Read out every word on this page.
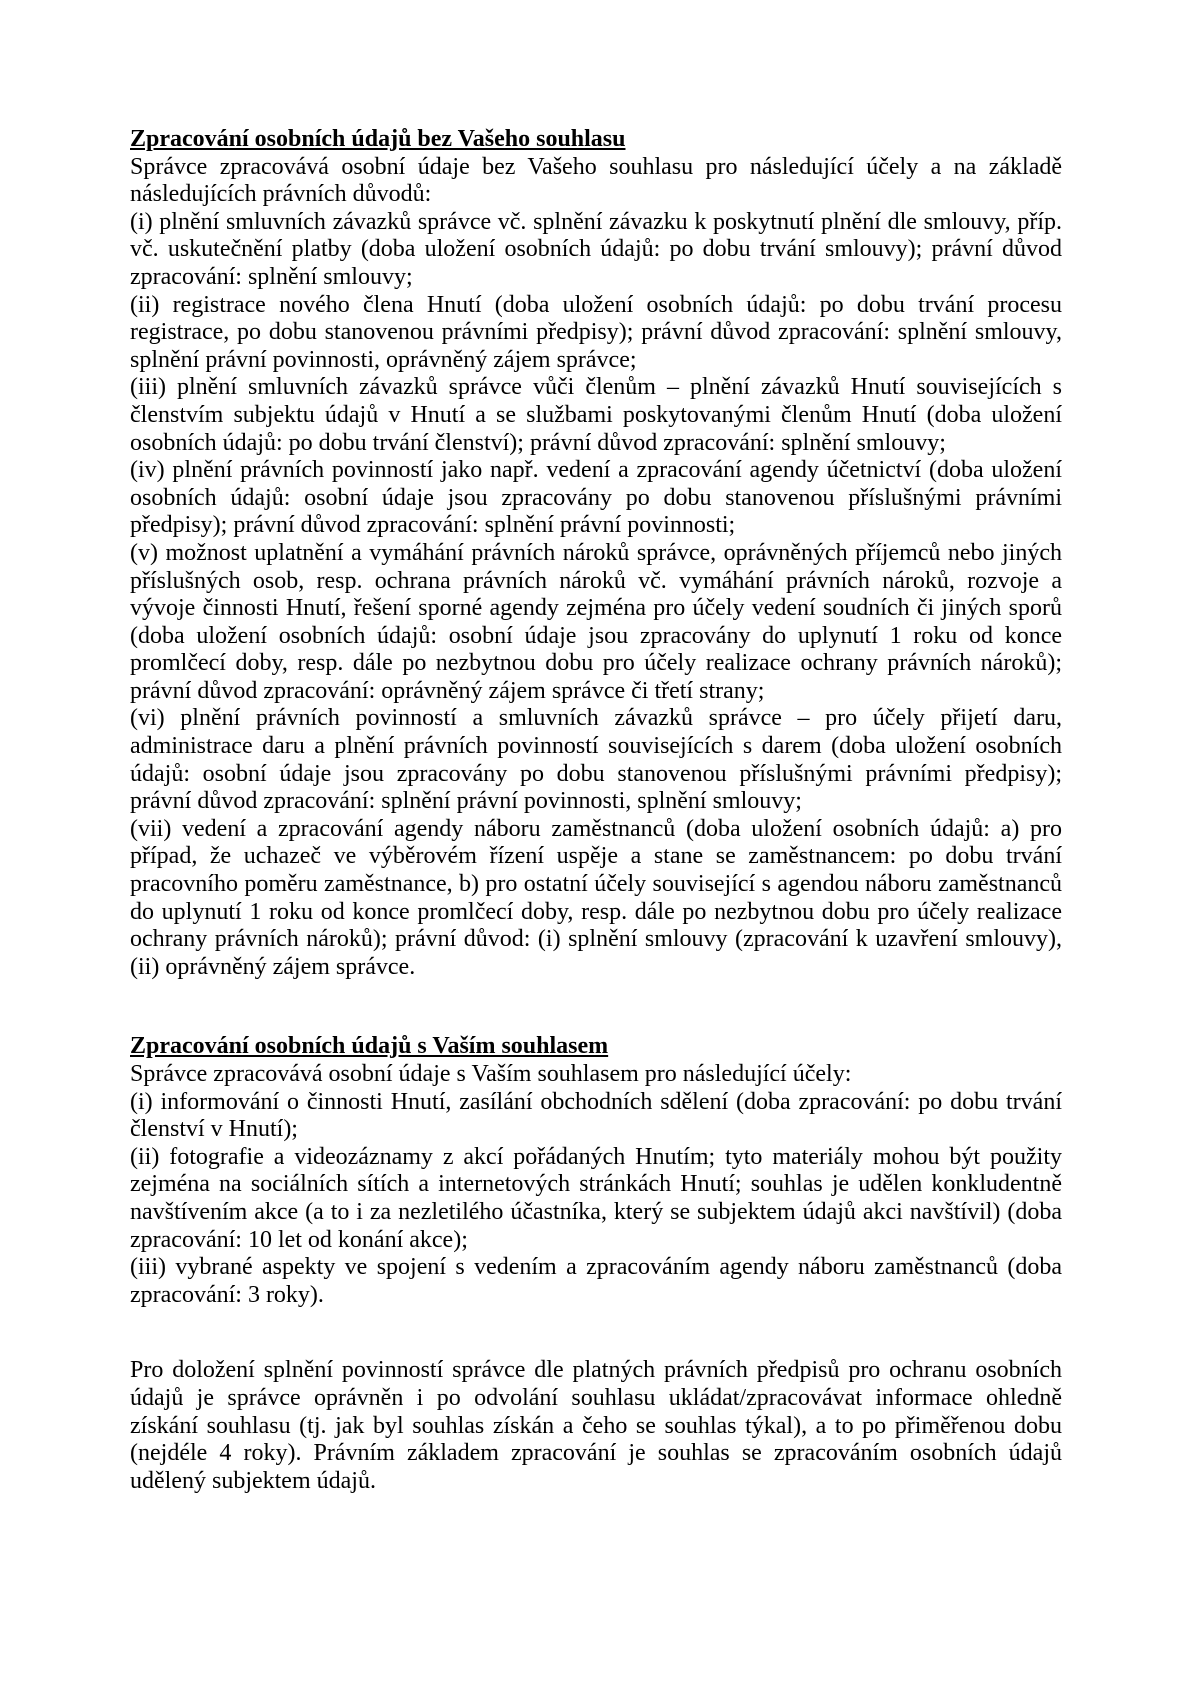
Zpracování osobních údajů bez Vašeho souhlasu

Správce zpracovává osobní údaje bez Vašeho souhlasu pro následující účely a na základě následujících právních důvodů:

(i) plnění smluvních závazků správce vč. splnění závazku k poskytnutí plnění dle smlouvy, příp. vč. uskutečnění platby (doba uložení osobních údajů: po dobu trvání smlouvy); právní důvod zpracování: splnění smlouvy;

(ii) registrace nového člena Hnutí (doba uložení osobních údajů: po dobu trvání procesu registrace, po dobu stanovenou právními předpisy); právní důvod zpracování: splnění smlouvy, splnění právní povinnosti, oprávněný zájem správce;

(iii) plnění smluvních závazků správce vůči členům – plnění závazků Hnutí souvisejících s členstvím subjektu údajů v Hnutí a se službami poskytovanými členům Hnutí (doba uložení osobních údajů: po dobu trvání členství); právní důvod zpracování: splnění smlouvy;

(iv) plnění právních povinností jako např. vedení a zpracování agendy účetnictví (doba uložení osobních údajů: osobní údaje jsou zpracovány po dobu stanovenou příslušnými právními předpisy); právní důvod zpracování: splnění právní povinnosti;

(v) možnost uplatnění a vymáhání právních nároků správce, oprávněných příjemců nebo jiných příslušných osob, resp. ochrana právních nároků vč. vymáhání právních nároků, rozvoje a vývoje činnosti Hnutí, řešení sporné agendy zejména pro účely vedení soudních či jiných sporů (doba uložení osobních údajů: osobní údaje jsou zpracovány do uplynutí 1 roku od konce promlčecí doby, resp. dále po nezbytnou dobu pro účely realizace ochrany právních nároků); právní důvod zpracování: oprávněný zájem správce či třetí strany;

(vi) plnění právních povinností a smluvních závazků správce – pro účely přijetí daru, administrace daru a plnění právních povinností souvisejících s darem (doba uložení osobních údajů: osobní údaje jsou zpracovány po dobu stanovenou příslušnými právními předpisy); právní důvod zpracování: splnění právní povinnosti, splnění smlouvy;

(vii) vedení a zpracování agendy náboru zaměstnanců (doba uložení osobních údajů: a) pro případ, že uchazeč ve výběrovém řízení uspěje a stane se zaměstnancem: po dobu trvání pracovního poměru zaměstnance, b) pro ostatní účely související s agendou náboru zaměstnanců do uplynutí 1 roku od konce promlčecí doby, resp. dále po nezbytnou dobu pro účely realizace ochrany právních nároků); právní důvod: (i) splnění smlouvy (zpracování k uzavření smlouvy), (ii) oprávněný zájem správce.

Zpracování osobních údajů s Vaším souhlasem

Správce zpracovává osobní údaje s Vaším souhlasem pro následující účely:

(i) informování o činnosti Hnutí, zasílání obchodních sdělení (doba zpracování: po dobu trvání členství v Hnutí);

(ii) fotografie a videozáznamy z akcí pořádaných Hnutím; tyto materiály mohou být použity zejména na sociálních sítích a internetových stránkách Hnutí; souhlas je udělen konkludentně navštívením akce (a to i za nezletilého účastníka, který se subjektem údajů akci navštívil) (doba zpracování: 10 let od konání akce);

(iii) vybrané aspekty ve spojení s vedením a zpracováním agendy náboru zaměstnanců (doba zpracování: 3 roky).

Pro doložení splnění povinností správce dle platných právních předpisů pro ochranu osobních údajů je správce oprávněn i po odvolání souhlasu ukládat/zpracovávat informace ohledně získání souhlasu (tj. jak byl souhlas získán a čeho se souhlas týkal), a to po přiměřenou dobu (nejdéle 4 roky). Právním základem zpracování je souhlas se zpracováním osobních údajů udělený subjektem údajů.
